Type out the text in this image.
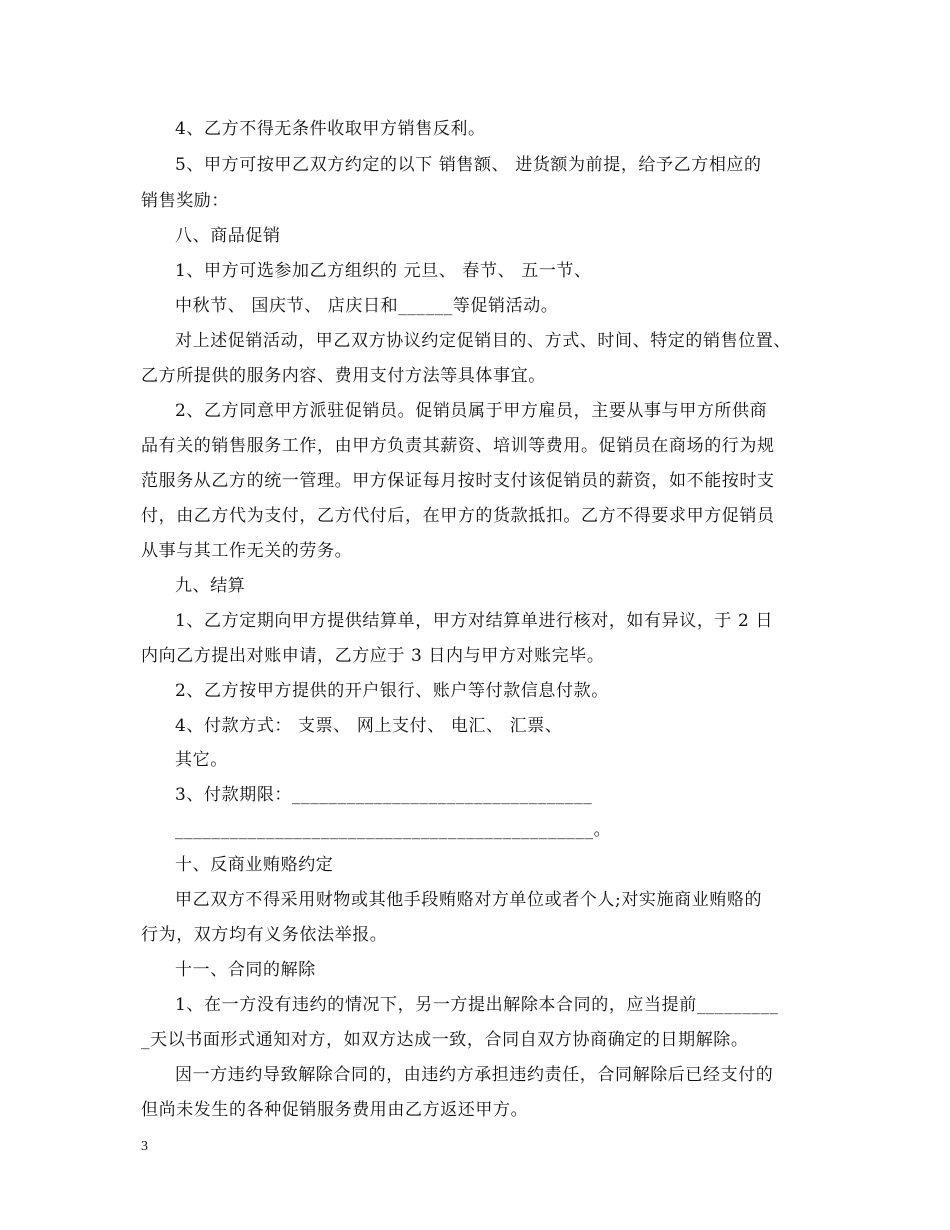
4、乙方不得无条件收取甲方销售反利。
5、甲方可按甲乙双方约定的以下 销售额、 进货额为前提，给予乙方相应的
销售奖励：
八、商品促销
1、甲方可选参加乙方组织的 元旦、 春节、 五一节、
中秋节、 国庆节、 店庆日和______等促销活动。
对上述促销活动，甲乙双方协议约定促销目的、方式、时间、特定的销售位置、
乙方所提供的服务内容、费用支付方法等具体事宜。
2、乙方同意甲方派驻促销员。促销员属于甲方雇员，主要从事与甲方所供商
品有关的销售服务工作，由甲方负责其薪资、培训等费用。促销员在商场的行为规
范服务从乙方的统一管理。甲方保证每月按时支付该促销员的薪资，如不能按时支
付，由乙方代为支付，乙方代付后，在甲方的货款抵扣。乙方不得要求甲方促销员
从事与其工作无关的劳务。
九、结算
1、乙方定期向甲方提供结算单，甲方对结算单进行核对，如有异议，于 2 日
内向乙方提出对账申请，乙方应于 3 日内与甲方对账完毕。
2、乙方按甲方提供的开户银行、账户等付款信息付款。
4、付款方式： 支票、 网上支付、 电汇、 汇票、
其它。
3、付款期限：_________________________________
______________________________________________。
十、反商业贿赂约定
甲乙双方不得采用财物或其他手段贿赂对方单位或者个人;对实施商业贿赂的
行为，双方均有义务依法举报。
十一、合同的解除
1、在一方没有违约的情况下，另一方提出解除本合同的，应当提前_________
_天以书面形式通知对方，如双方达成一致，合同自双方协商确定的日期解除。
因一方违约导致解除合同的，由违约方承担违约责任，合同解除后已经支付的
但尚未发生的各种促销服务费用由乙方返还甲方。
3
